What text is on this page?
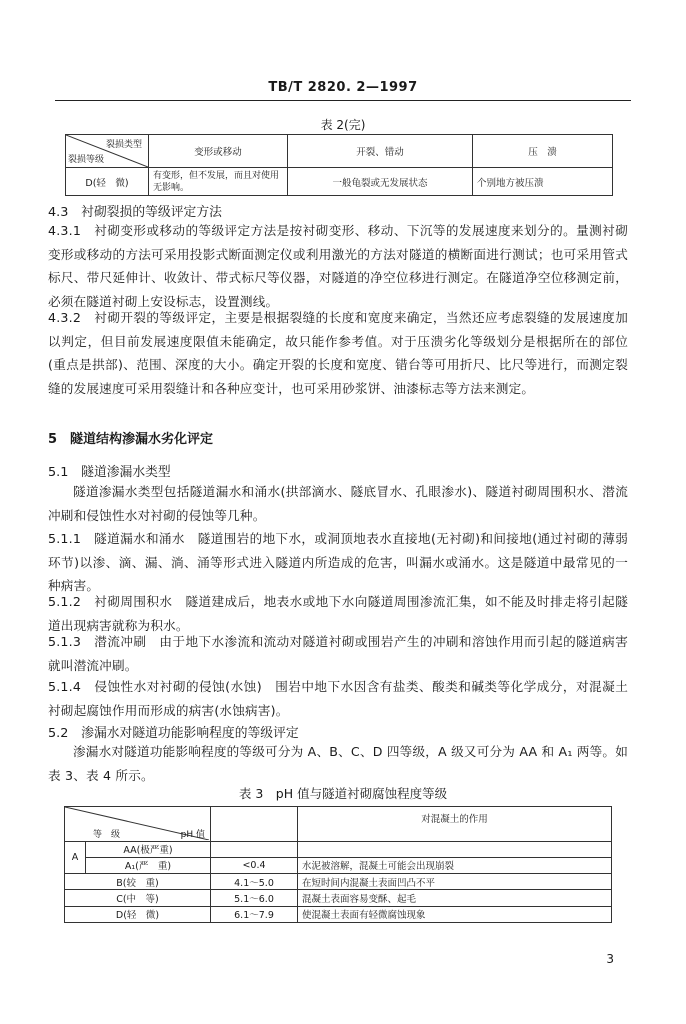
TB/T 2820. 2—1997
表 2(完)
裂损类型
裂损等级	变形或移动	开裂、错动	压　溃
D(轻　微)	有变形，但不发展，而且对使用无影响。	一般龟裂或无发展状态	个别地方被压溃
4.3　衬砌裂损的等级评定方法
4.3.1　衬砌变形或移动的等级评定方法是按衬砌变形、移动、下沉等的发展速度来划分的。量测衬砌变形或移动的方法可采用投影式断面测定仪或利用激光的方法对隧道的横断面进行测试；也可采用管式标尺、带尺延伸计、收敛计、带式标尺等仪器，对隧道的净空位移进行测定。在隧道净空位移测定前，必须在隧道衬砌上安设标志，设置测线。
4.3.2　衬砌开裂的等级评定，主要是根据裂缝的长度和宽度来确定，当然还应考虑裂缝的发展速度加以判定，但目前发展速度限值未能确定，故只能作参考值。对于压溃劣化等级划分是根据所在的部位(重点是拱部)、范围、深度的大小。确定开裂的长度和宽度、错台等可用折尺、比尺等进行，而测定裂缝的发展速度可采用裂缝计和各种应变计，也可采用砂浆饼、油漆标志等方法来测定。
5　隧道结构渗漏水劣化评定
5.1　隧道渗漏水类型
隧道渗漏水类型包括隧道漏水和涌水(拱部滴水、隧底冒水、孔眼渗水)、隧道衬砌周围积水、潜流冲刷和侵蚀性水对衬砌的侵蚀等几种。
5.1.1　隧道漏水和涌水　隧道围岩的地下水，或洞顶地表水直接地(无衬砌)和间接地(通过衬砌的薄弱环节)以渗、滴、漏、淌、涌等形式进入隧道内所造成的危害，叫漏水或涌水。这是隧道中最常见的一种病害。
5.1.2　衬砌周围积水　隧道建成后，地表水或地下水向隧道周围渗流汇集，如不能及时排走将引起隧道出现病害就称为积水。
5.1.3　潜流冲刷　由于地下水渗流和流动对隧道衬砌或围岩产生的冲刷和溶蚀作用而引起的隧道病害就叫潜流冲刷。
5.1.4　侵蚀性水对衬砌的侵蚀(水蚀)　围岩中地下水因含有盐类、酸类和碱类等化学成分，对混凝土衬砌起腐蚀作用而形成的病害(水蚀病害)。
5.2　渗漏水对隧道功能影响程度的等级评定
渗漏水对隧道功能影响程度的等级可分为 A、B、C、D 四等级，A 级又可分为 AA 和 A₁ 两等。如表 3、表 4 所示。
表 3　pH 值与隧道衬砌腐蚀程度等级
pH 值
等　级			对混凝土的作用
A	AA(极严重)		
	A₁(严　重)	<0.4	水泥被溶解，混凝土可能会出现崩裂
B(较　重)		4.1～5.0	在短时间内混凝土表面凹凸不平
C(中　等)		5.1～6.0	混凝土表面容易变酥、起毛
D(轻　微)		6.1～7.9	使混凝土表面有轻微腐蚀现象
3
